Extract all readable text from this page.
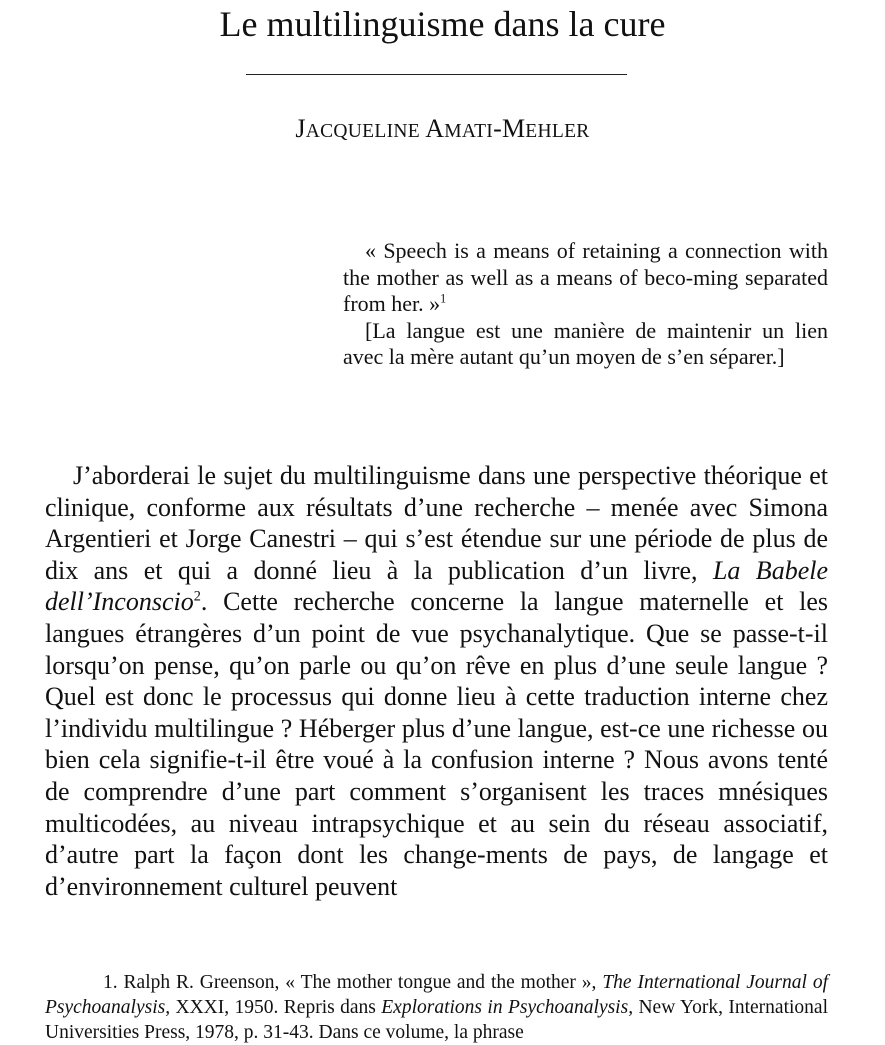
Le multilinguisme dans la cure
JACQUELINE AMATI-MEHLER

« Speech is a means of retaining a connection with the mother as well as a means of beco-ming separated from her. »$^1$

[La langue est une manière de maintenir un lien avec la mère autant qu’un moyen de s’en séparer.]

J’aborderai le sujet du multilinguisme dans une perspective théorique et clinique, conforme aux résultats d’une recherche – menée avec Simona Argentieri et Jorge Canestri – qui s’est étendue sur une période de plus de dix ans et qui a donné lieu à la publication d’un livre, La Babele dell’Inconscio$^2$. Cette recherche concerne la langue maternelle et les langues étrangères d’un point de vue psychanalytique. Que se passe-t-il lorsqu’on pense, qu’on parle ou qu’on rêve en plus d’une seule langue ? Quel est donc le processus qui donne lieu à cette traduction interne chez l’individu multilingue ? Héberger plus d’une langue, est-ce une richesse ou bien cela signifie-t-il être voué à la confusion interne ? Nous avons tenté de comprendre d’une part comment s’organisent les traces mnésiques multicodées, au niveau intrapsychique et au sein du réseau associatif, d’autre part la façon dont les change-ments de pays, de langage et d’environnement culturel peuvent

1. Ralph R. Greenson, « The mother tongue and the mother », The International Journal of Psychoanalysis, XXXI, 1950. Repris dans Explorations in Psychoanalysis, New York, International Universities Press, 1978, p. 31-43. Dans ce volume, la phrase
